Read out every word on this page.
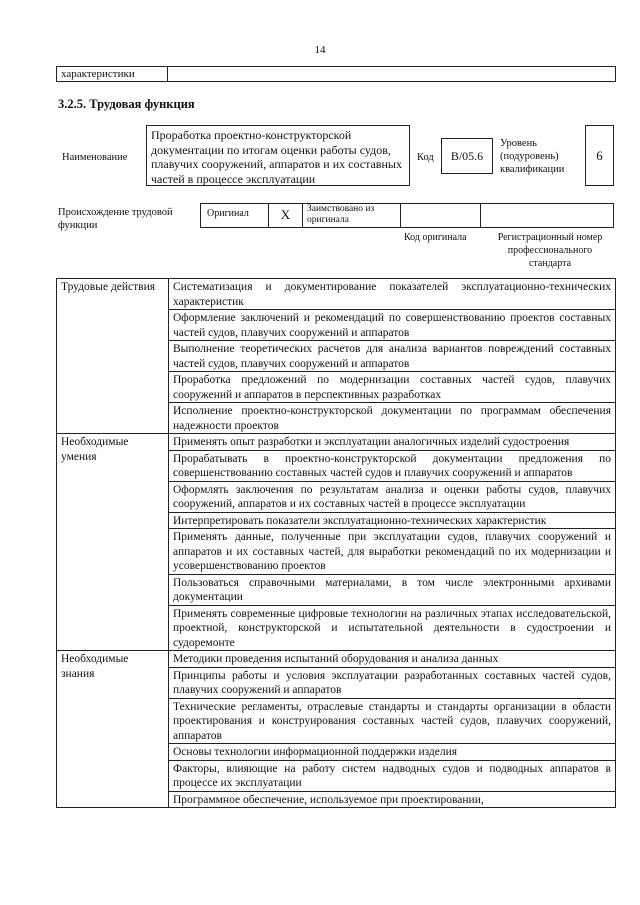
14
характеристики
3.2.5. Трудовая функция
Наименование
Проработка проектно-конструкторской документации по итогам оценки работы судов, плавучих сооружений, аппаратов и их составных частей в процессе эксплуатации
Код	B/05.6
Уровень (подуровень) квалификации
6
Происхождение трудовой функции
Оригинал	X	Заимствовано из оригинала
Код оригинала	Регистрационный номер профессионального стандарта
Трудовые действия	Систематизация и документирование показателей эксплуатационно-технических характеристик
	Оформление заключений и рекомендаций по совершенствованию проектов составных частей судов, плавучих сооружений и аппаратов
	Выполнение теоретических расчетов для анализа вариантов повреждений составных частей судов, плавучих сооружений и аппаратов
	Проработка предложений по модернизации составных частей судов, плавучих сооружений и аппаратов в перспективных разработках
	Исполнение проектно-конструкторской документации по программам обеспечения надежности проектов
Необходимые умения	Применять опыт разработки и эксплуатации аналогичных изделий судостроения
	Прорабатывать в проектно-конструкторской документации предложения по совершенствованию составных частей судов и плавучих сооружений и аппаратов
	Оформлять заключения по результатам анализа и оценки работы судов, плавучих сооружений, аппаратов и их составных частей в процессе эксплуатации
	Интерпретировать показатели эксплуатационно-технических характеристик
	Применять данные, полученные при эксплуатации судов, плавучих сооружений и аппаратов и их составных частей, для выработки рекомендаций по их модернизации и усовершенствованию проектов
	Пользоваться справочными материалами, в том числе электронными архивами документации
	Применять современные цифровые технологии на различных этапах исследовательской, проектной, конструкторской и испытательной деятельности в судостроении и судоремонте
Необходимые знания	Методики проведения испытаний оборудования и анализа данных
	Принципы работы и условия эксплуатации разработанных составных частей судов, плавучих сооружений и аппаратов
	Технические регламенты, отраслевые стандарты и стандарты организации в области проектирования и конструирования составных частей судов, плавучих сооружений, аппаратов
	Основы технологии информационной поддержки изделия
	Факторы, влияющие на работу систем надводных судов и подводных аппаратов в процессе их эксплуатации
	Программное обеспечение, используемое при проектировании,
